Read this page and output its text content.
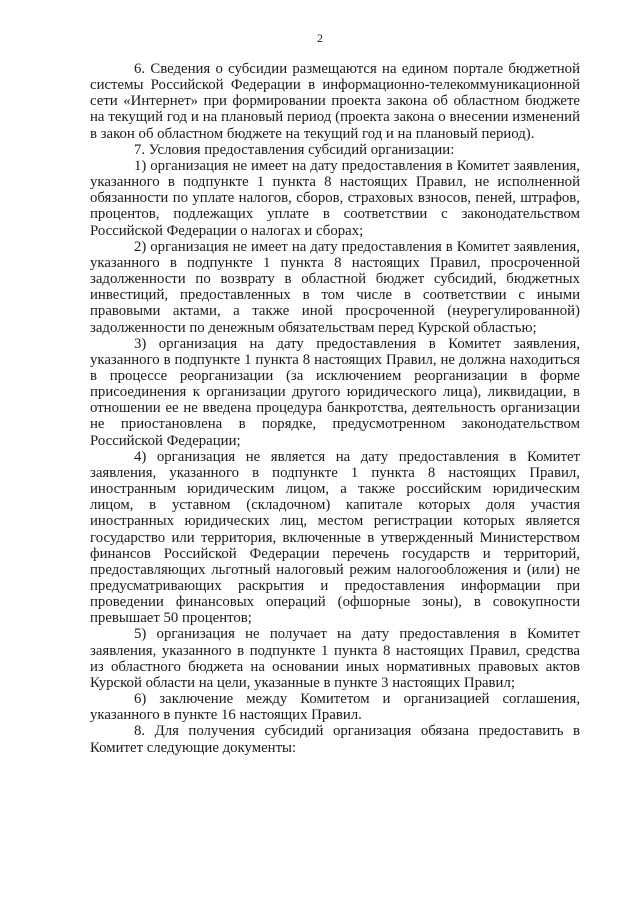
2

6. Сведения о субсидии размещаются на едином портале бюджетной системы Российской Федерации в информационно-телекоммуникационной сети «Интернет» при формировании проекта закона об областном бюджете на текущий год и на плановый период (проекта закона о внесении изменений в закон об областном бюджете на текущий год и на плановый период).

7. Условия предоставления субсидий организации:

1) организация не имеет на дату предоставления в Комитет заявления, указанного в подпункте 1 пункта 8 настоящих Правил, не исполненной обязанности по уплате налогов, сборов, страховых взносов, пеней, штрафов, процентов, подлежащих уплате в соответствии с законодательством Российской Федерации о налогах и сборах;

2) организация не имеет на дату предоставления в Комитет заявления, указанного в подпункте 1 пункта 8 настоящих Правил, просроченной задолженности по возврату в областной бюджет субсидий, бюджетных инвестиций, предоставленных в том числе в соответствии с иными правовыми актами, а также иной просроченной (неурегулированной) задолженности по денежным обязательствам перед Курской областью;

3) организация на дату предоставления в Комитет заявления, указанного в подпункте 1 пункта 8 настоящих Правил, не должна находиться в процессе реорганизации (за исключением реорганизации в форме присоединения к организации другого юридического лица), ликвидации, в отношении ее не введена процедура банкротства, деятельность организации не приостановлена в порядке, предусмотренном законодательством Российской Федерации;

4) организация не является на дату предоставления в Комитет заявления, указанного в подпункте 1 пункта 8 настоящих Правил, иностранным юридическим лицом, а также российским юридическим лицом, в уставном (складочном) капитале которых доля участия иностранных юридических лиц, местом регистрации которых является государство или территория, включенные в утвержденный Министерством финансов Российской Федерации перечень государств и территорий, предоставляющих льготный налоговый режим налогообложения и (или) не предусматривающих раскрытия и предоставления информации при проведении финансовых операций (офшорные зоны), в совокупности превышает 50 процентов;

5) организация не получает на дату предоставления в Комитет заявления, указанного в подпункте 1 пункта 8 настоящих Правил, средства из областного бюджета на основании иных нормативных правовых актов Курской области на цели, указанные в пункте 3 настоящих Правил;

6) заключение между Комитетом и организацией соглашения, указанного в пункте 16 настоящих Правил.

8. Для получения субсидий организация обязана предоставить в Комитет следующие документы:
